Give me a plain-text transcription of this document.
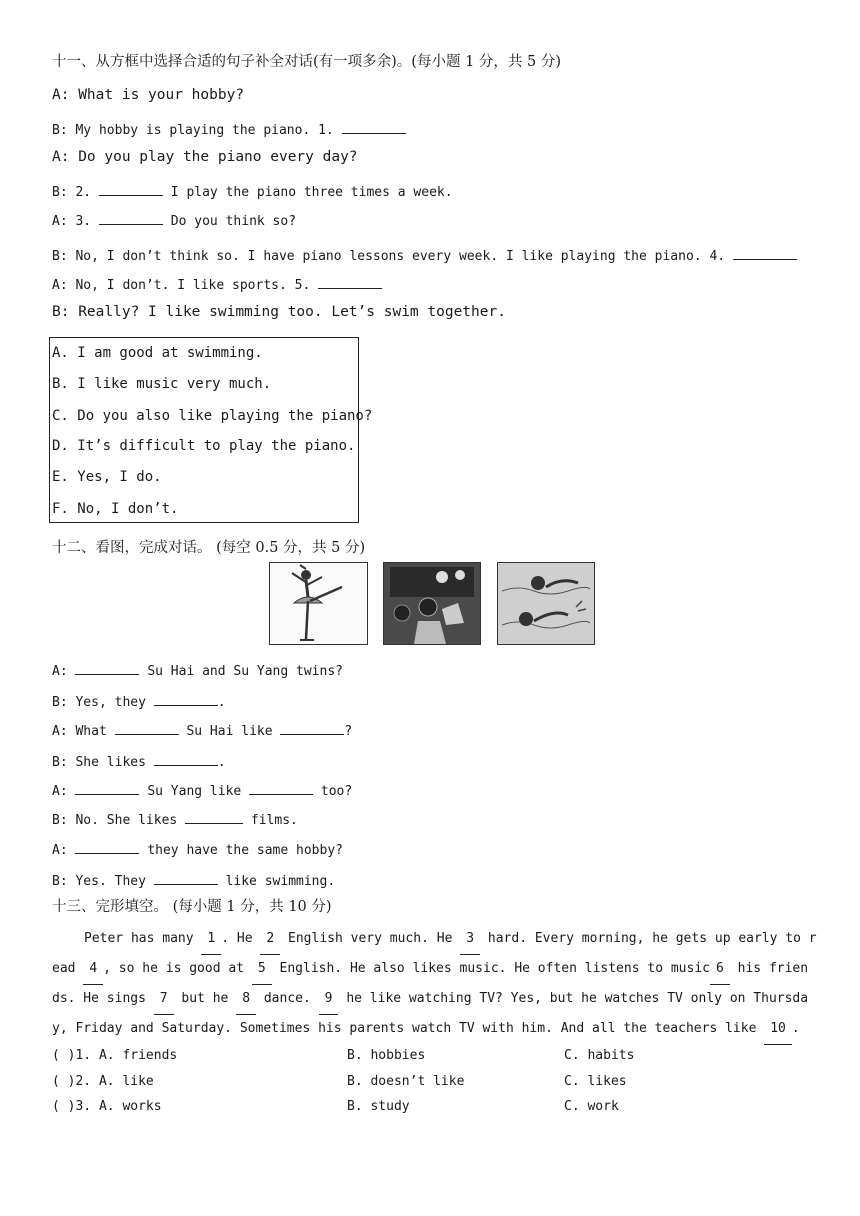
十一、从方框中选择合适的句子补全对话(有一项多余)。(每小题 1 分，共 5 分)
A: What is your hobby?
B: My hobby is playing the piano. 1.
A: Do you play the piano every day?
B: 2.	I play the piano three times a week.
A: 3.	Do you think so?
B: No, I don’t think so. I have piano lessons every week. I like playing the piano. 4.
A: No, I don’t. I like sports. 5.
B: Really? I like swimming too. Let’s swim together.
A. I am good at swimming.
B. I like music very much.
C. Do you also like playing the piano?
D. It’s difficult to play the piano.
E. Yes, I do.
F. No, I don’t.
十二、看图，完成对话。 (每空 0.5 分，共 5 分)
A:	Su Hai and Su Yang twins?
B: Yes, they	.
A: What	Su Hai like	?
B: She likes	.
A:	Su Yang like	too?
B: No. She likes	films.
A:	they have the same hobby?
B: Yes. They	like swimming.
十三、完形填空。 (每小题 1 分，共 10 分)
Peter has many 1 . He 2 English very much. He 3 hard. Every morning, he gets up early to r
ead 4 , so he is good at 5 English. He also likes music. He often listens to music 6 his frien
ds. He sings 7 but he 8 dance. 9 he like watching TV? Yes, but he watches TV only on Thursda
y, Friday and Saturday. Sometimes his parents watch TV with him. And all the teachers like 10 .
( )1. A. friends	B. hobbies	C. habits
( )2. A. like	B. doesn’t like	C. likes
( )3. A. works	B. study	C. work
